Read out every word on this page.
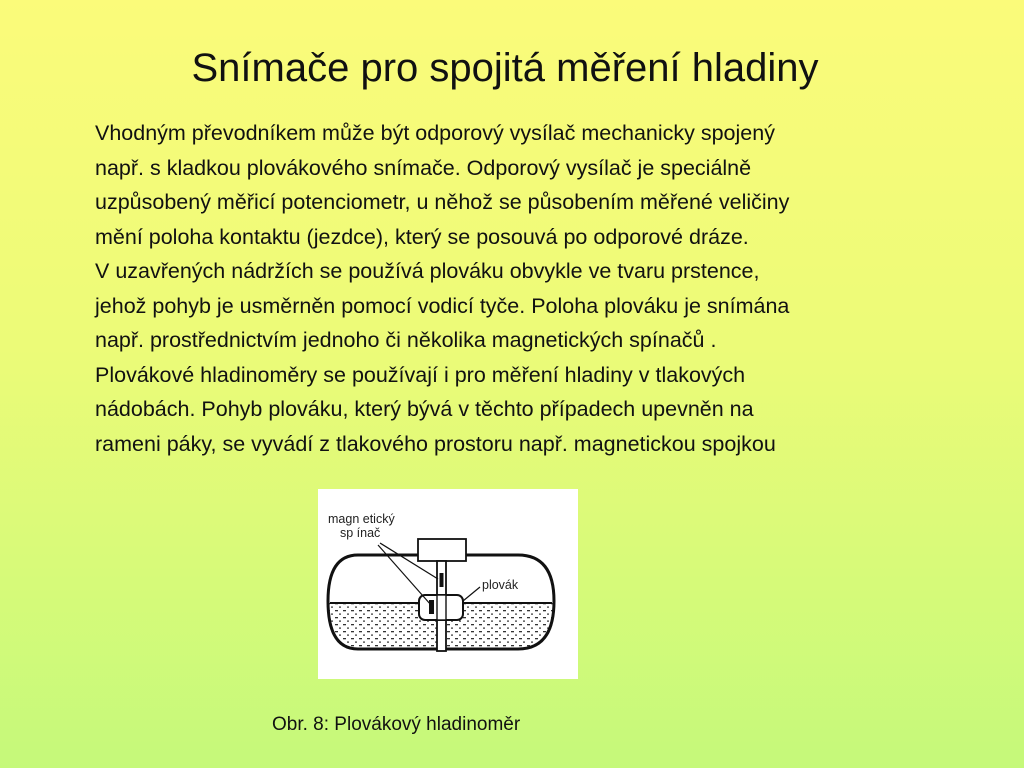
Snímače pro spojitá měření hladiny

Vhodným převodníkem může být odporový vysílač mechanicky spojený
např. s kladkou plovákového snímače. Odporový vysílač je speciálně
uzpůsobený měřicí potenciometr, u něhož se působením měřené veličiny
mění poloha kontaktu (jezdce), který se posouvá po odporové dráze.

V uzavřených nádržích se používá plováku obvykle ve tvaru prstence,
jehož pohyb je usměrněn pomocí vodicí tyče. Poloha plováku je snímána
např. prostřednictvím jednoho či několika magnetických spínačů .

Plovákové hladinoměry se používají i pro měření hladiny v tlakových
nádobách. Pohyb plováku, který bývá v těchto případech upevněn na
rameni páky, se vyvádí z tlakového prostoru např. magnetickou spojkou

magn etický
sp ínač
plovák
Obr. 8: Plovákový hladinoměr
